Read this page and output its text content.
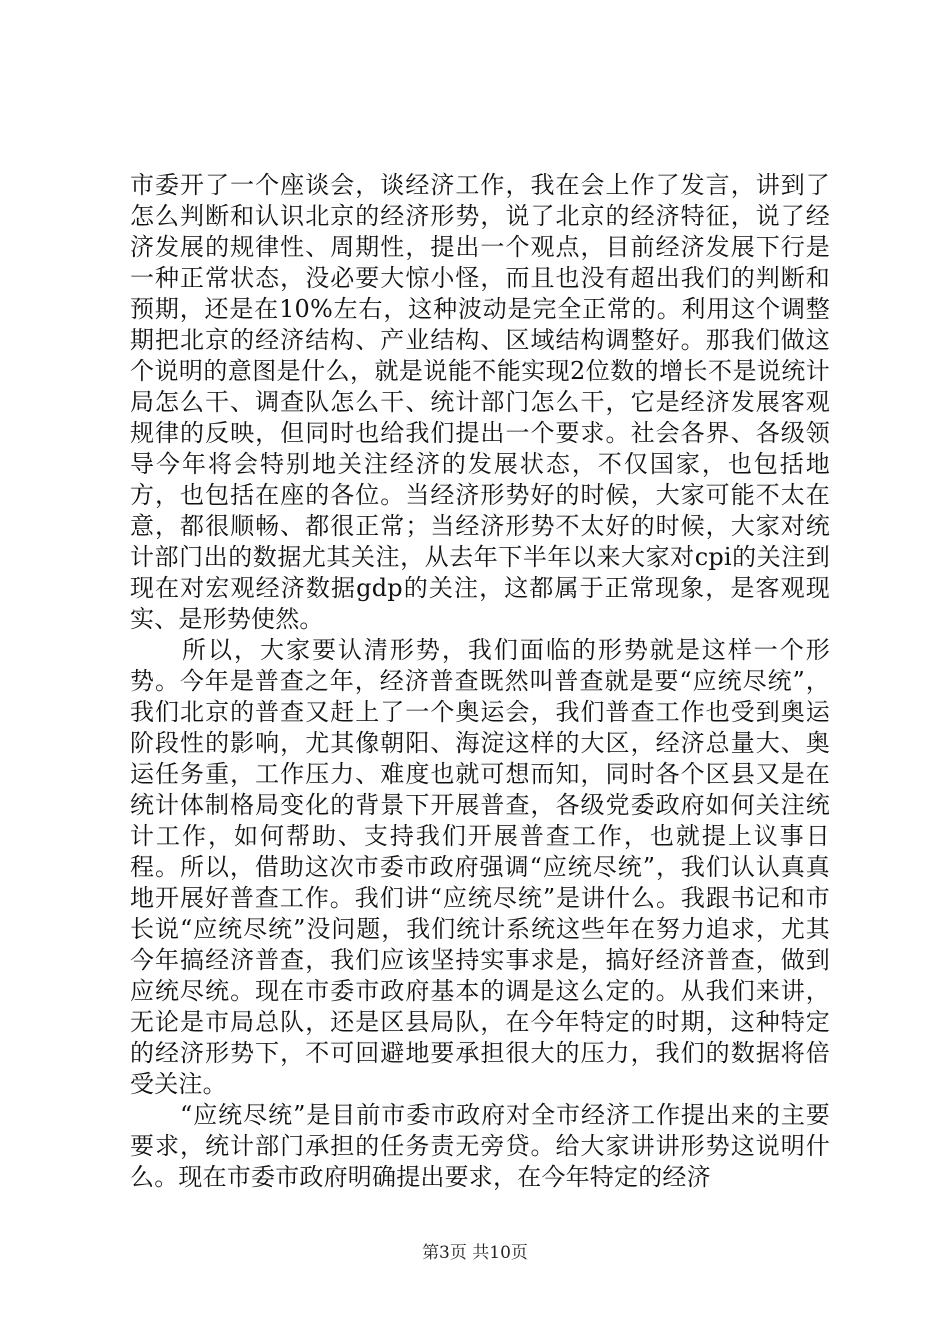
市委开了一个座谈会，谈经济工作，我在会上作了发言，讲到了怎么判断和认识北京的经济形势，说了北京的经济特征，说了经济发展的规律性、周期性，提出一个观点，目前经济发展下行是一种正常状态，没必要大惊小怪，而且也没有超出我们的判断和预期，还是在10%左右，这种波动是完全正常的。利用这个调整期把北京的经济结构、产业结构、区域结构调整好。那我们做这个说明的意图是什么，就是说能不能实现2位数的增长不是说统计局怎么干、调查队怎么干、统计部门怎么干，它是经济发展客观规律的反映，但同时也给我们提出一个要求。社会各界、各级领导今年将会特别地关注经济的发展状态，不仅国家，也包括地方，也包括在座的各位。当经济形势好的时候，大家可能不太在意，都很顺畅、都很正常；当经济形势不太好的时候，大家对统计部门出的数据尤其关注，从去年下半年以来大家对cpi的关注到现在对宏观经济数据gdp的关注，这都属于正常现象，是客观现实、是形势使然。

　　所以，大家要认清形势，我们面临的形势就是这样一个形势。今年是普查之年，经济普查既然叫普查就是要“应统尽统”，我们北京的普查又赶上了一个奥运会，我们普查工作也受到奥运阶段性的影响，尤其像朝阳、海淀这样的大区，经济总量大、奥运任务重，工作压力、难度也就可想而知，同时各个区县又是在统计体制格局变化的背景下开展普查，各级党委政府如何关注统计工作，如何帮助、支持我们开展普查工作，也就提上议事日程。所以，借助这次市委市政府强调“应统尽统”，我们认认真真地开展好普查工作。我们讲“应统尽统”是讲什么。我跟书记和市长说“应统尽统”没问题，我们统计系统这些年在努力追求，尤其今年搞经济普查，我们应该坚持实事求是，搞好经济普查，做到应统尽统。现在市委市政府基本的调是这么定的。从我们来讲，无论是市局总队，还是区县局队，在今年特定的时期，这种特定的经济形势下，不可回避地要承担很大的压力，我们的数据将倍受关注。

　　“应统尽统”是目前市委市政府对全市经济工作提出来的主要要求，统计部门承担的任务责无旁贷。给大家讲讲形势这说明什么。现在市委市政府明确提出要求，在今年特定的经济

第3页 共10页
